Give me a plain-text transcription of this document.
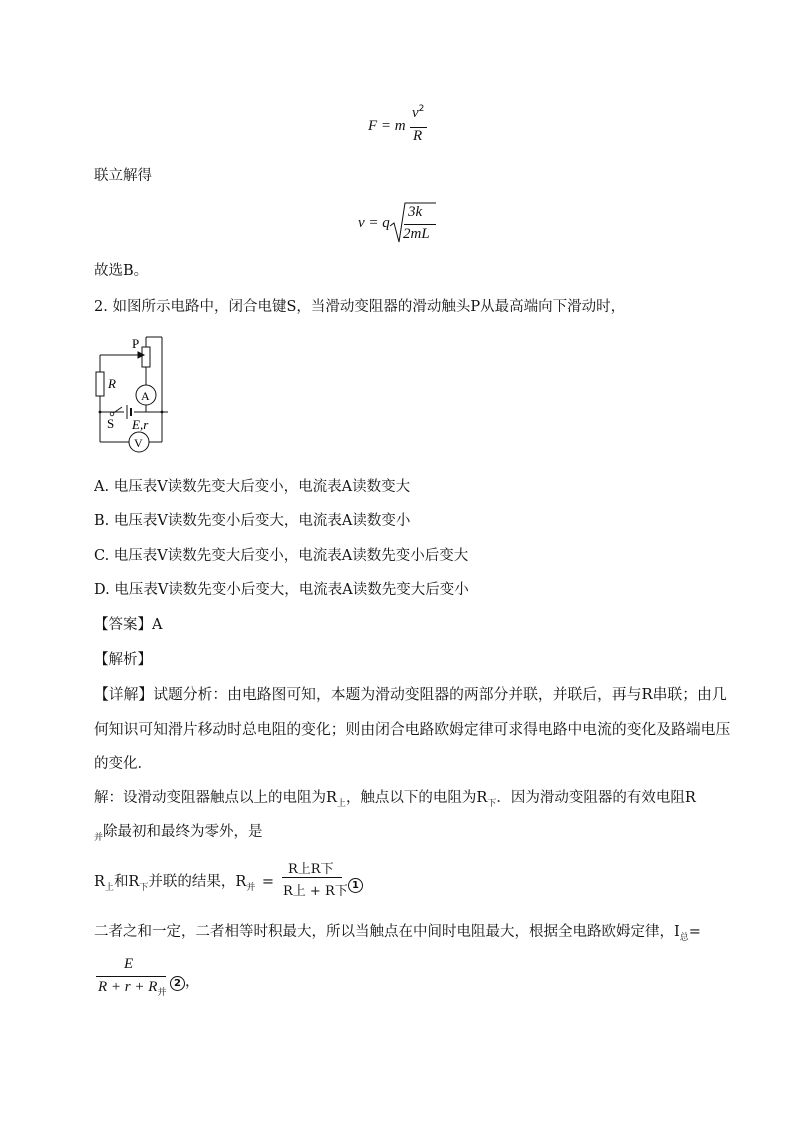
F = m
$v^2$
R
联立解得
v = q
3k
2mL
故选B。
2. 如图所示电路中，闭合电键S，当滑动变阻器的滑动触头P从最高端向下滑动时，
P
R
A
S E,r
V
A. 电压表V读数先变大后变小，电流表A读数变大
B. 电压表V读数先变小后变大，电流表A读数变小
C. 电压表V读数先变大后变小，电流表A读数先变小后变大
D. 电压表V读数先变小后变大，电流表A读数先变大后变小
【答案】A
【解析】
【详解】试题分析：由电路图可知，本题为滑动变阻器的两部分并联，并联后，再与R串联；由几
何知识可知滑片移动时总电阻的变化；则由闭合电路欧姆定律可求得电路中电流的变化及路端电压
的变化．
解：设滑动变阻器触点以上的电阻为$R_上$，触点以下的电阻为$R_下$．因为滑动变阻器的有效电阻R
$_并$除最初和最终为零外，是
$R_上$和$R_下$并联的结果，$R_并$ =
R上R下
R上 + R下 1
二者之和一定，二者相等时积最大，所以当触点在中间时电阻最大，根据全电路欧姆定律，$I_总=$
E
$R + r + R_并$
2 ，
